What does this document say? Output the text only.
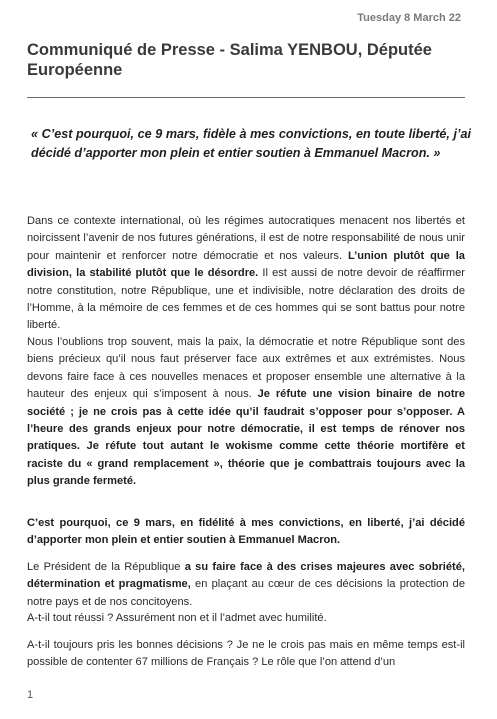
Tuesday 8 March 22
Communiqué de Presse - Salima YENBOU, Députée Européenne

« C’est pourquoi, ce 9 mars, fidèle à mes convictions, en toute liberté, j’ai décidé d’apporter mon plein et entier soutien à Emmanuel Macron. »

Dans ce contexte international, où les régimes autocratiques menacent nos libertés et noircissent l’avenir de nos futures générations, il est de notre responsabilité de nous unir pour maintenir et renforcer notre démocratie et nos valeurs. L’union plutôt que la division, la stabilité plutôt que le désordre. Il est aussi de notre devoir de réaffirmer notre constitution, notre République, une et indivisible, notre déclaration des droits de l’Homme, à la mémoire de ces femmes et de ces hommes qui se sont battus pour notre liberté.

Nous l’oublions trop souvent, mais la paix, la démocratie et notre République sont des biens précieux qu’il nous faut préserver face aux extrêmes et aux extrémistes. Nous devons faire face à ces nouvelles menaces et proposer ensemble une alternative à la hauteur des enjeux qui s’imposent à nous. Je réfute une vision binaire de notre société ; je ne crois pas à cette idée qu’il faudrait s’opposer pour s’opposer. A l’heure des grands enjeux pour notre démocratie, il est temps de rénover nos pratiques. Je réfute tout autant le wokisme comme cette théorie mortifère et raciste du « grand remplacement », théorie que je combattrais toujours avec la plus grande fermeté.

C’est pourquoi, ce 9 mars, en fidélité à mes convictions, en liberté, j’ai décidé d’apporter mon plein et entier soutien à Emmanuel Macron.

Le Président de la République a su faire face à des crises majeures avec sobriété, détermination et pragmatisme, en plaçant au cœur de ces décisions la protection de notre pays et de nos concitoyens.

A-t-il tout réussi ? Assurément non et il l’admet avec humilité.

A-t-il toujours pris les bonnes décisions ? Je ne le crois pas mais en même temps est-il possible de contenter 67 millions de Français ? Le rôle que l’on attend d’un

1
